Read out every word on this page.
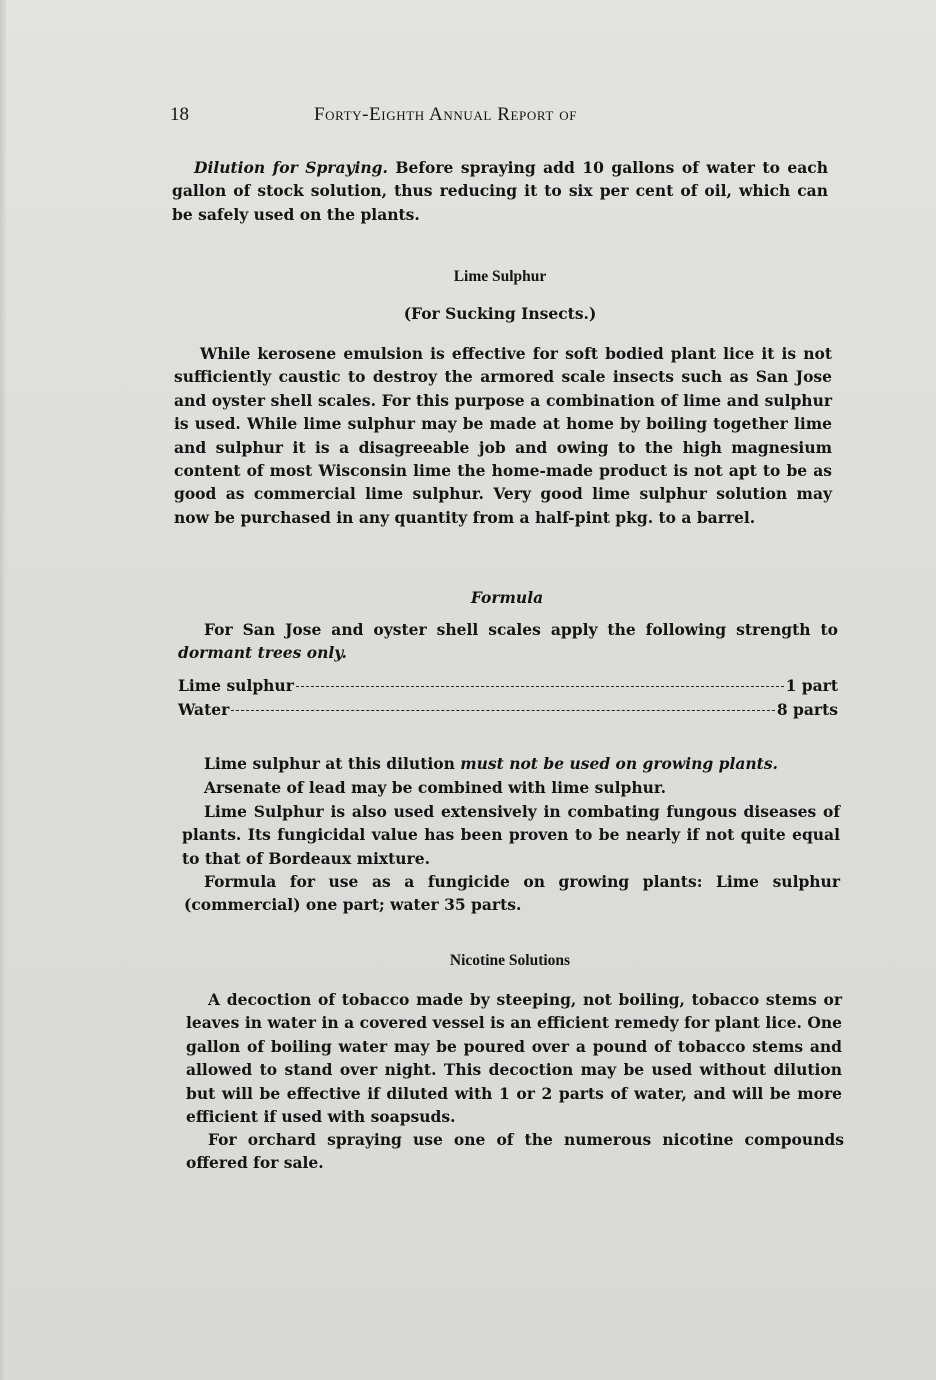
18	Forty-Eighth Annual Report of

Dilution for Spraying. Before spraying add 10 gallons of water to each gallon of stock solution, thus reducing it to six per cent of oil, which can be safely used on the plants.

Lime Sulphur
(For Sucking Insects.)

While kerosene emulsion is effective for soft bodied plant lice it is not sufficiently caustic to destroy the armored scale insects such as San Jose and oyster shell scales. For this purpose a combination of lime and sulphur is used. While lime sulphur may be made at home by boiling together lime and sulphur it is a disagreeable job and owing to the high magnesium content of most Wisconsin lime the home-made product is not apt to be as good as commercial lime sulphur. Very good lime sulphur solution may now be purchased in any quantity from a half-pint pkg. to a barrel.

Formula

For San Jose and oyster shell scales apply the following strength to dormant trees only.

Lime sulphur	1 part
Water	8 parts

Lime sulphur at this dilution must not be used on growing plants.

Arsenate of lead may be combined with lime sulphur.

Lime Sulphur is also used extensively in combating fungous diseases of plants. Its fungicidal value has been proven to be nearly if not quite equal to that of Bordeaux mixture.

Formula for use as a fungicide on growing plants: Lime sulphur (commercial) one part; water 35 parts.

Nicotine Solutions

A decoction of tobacco made by steeping, not boiling, tobacco stems or leaves in water in a covered vessel is an efficient remedy for plant lice. One gallon of boiling water may be poured over a pound of tobacco stems and allowed to stand over night. This decoction may be used without dilution but will be effective if diluted with 1 or 2 parts of water, and will be more efficient if used with soapsuds.

For orchard spraying use one of the numerous nicotine compounds offered for sale.
